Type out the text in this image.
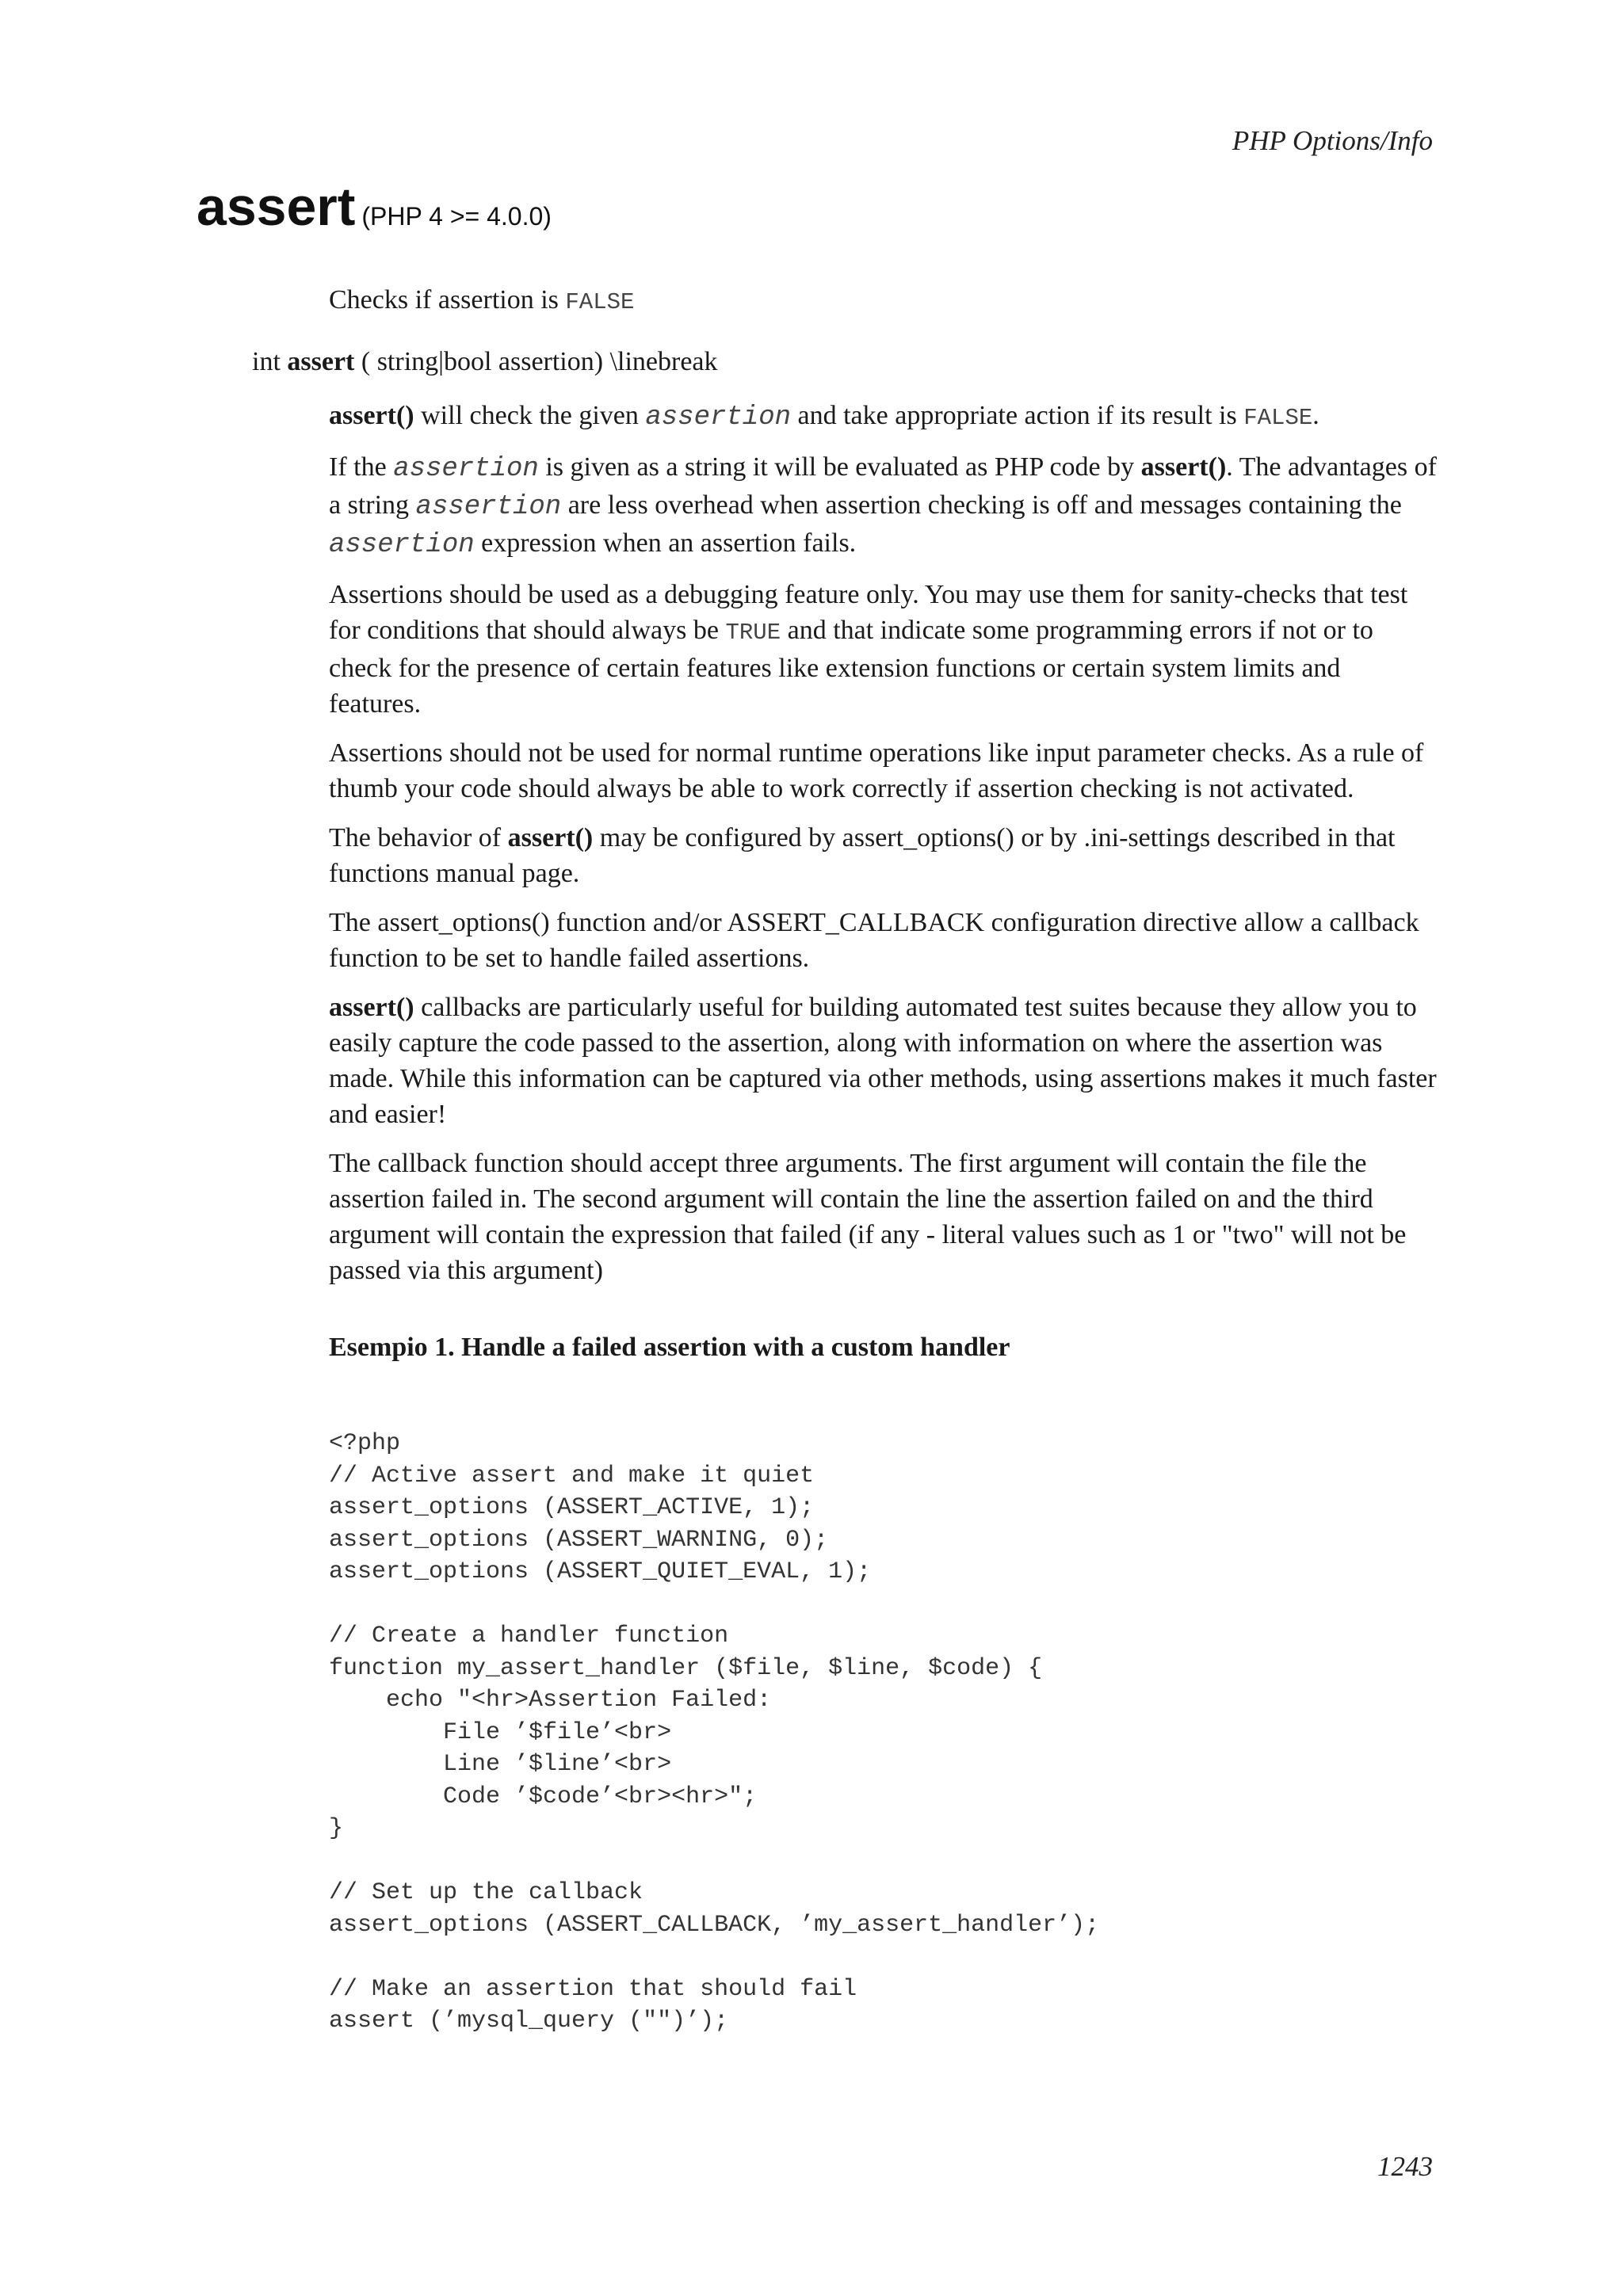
PHP Options/Info
assert (PHP 4 >= 4.0.0)
Checks if assertion is FALSE
int assert ( string|bool assertion) \linebreak

assert() will check the given assertion and take appropriate action if its result is FALSE.

If the assertion is given as a string it will be evaluated as PHP code by assert(). The advantages of a string assertion are less overhead when assertion checking is off and messages containing the assertion expression when an assertion fails.

Assertions should be used as a debugging feature only. You may use them for sanity-checks that test for conditions that should always be TRUE and that indicate some programming errors if not or to check for the presence of certain features like extension functions or certain system limits and features.

Assertions should not be used for normal runtime operations like input parameter checks. As a rule of thumb your code should always be able to work correctly if assertion checking is not activated.

The behavior of assert() may be configured by assert_options() or by .ini-settings described in that functions manual page.

The assert_options() function and/or ASSERT_CALLBACK configuration directive allow a callback function to be set to handle failed assertions.

assert() callbacks are particularly useful for building automated test suites because they allow you to easily capture the code passed to the assertion, along with information on where the assertion was made. While this information can be captured via other methods, using assertions makes it much faster and easier!

The callback function should accept three arguments. The first argument will contain the file the assertion failed in. The second argument will contain the line the assertion failed on and the third argument will contain the expression that failed (if any - literal values such as 1 or "two" will not be passed via this argument)

Esempio 1. Handle a failed assertion with a custom handler
<?php
// Active assert and make it quiet
assert_options (ASSERT_ACTIVE, 1);
assert_options (ASSERT_WARNING, 0);
assert_options (ASSERT_QUIET_EVAL, 1);

// Create a handler function
function my_assert_handler ($file, $line, $code) {
echo "<hr>Assertion Failed:
File ’$file’<br>
Line ’$line’<br>
Code ’$code’<br><hr>";
}

// Set up the callback
assert_options (ASSERT_CALLBACK, ’my_assert_handler’);

// Make an assertion that should fail
assert (’mysql_query ("")’);
1243
